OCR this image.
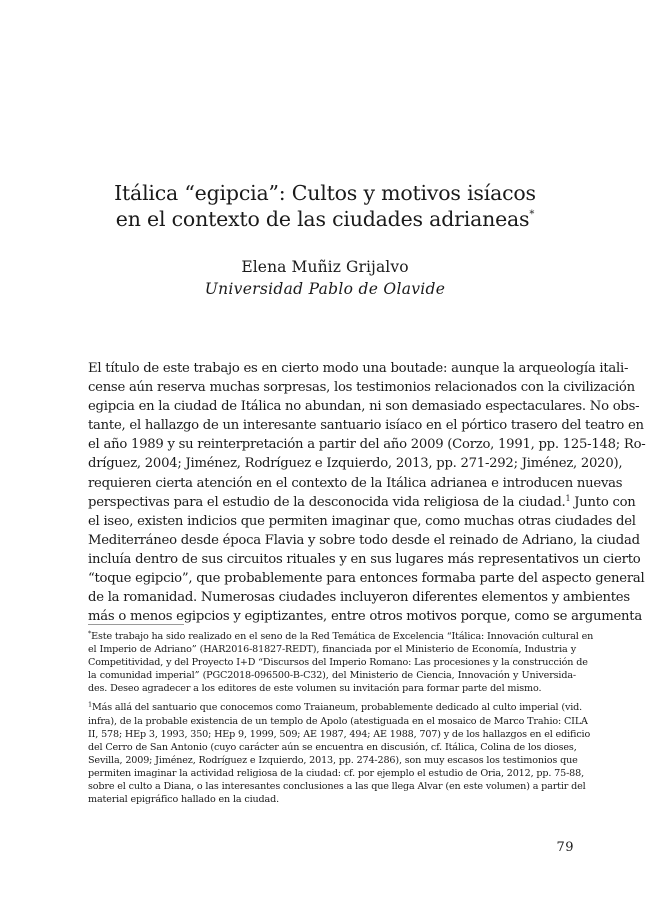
Itálica “egipcia”: Cultos y motivos isíacos
en el contexto de las ciudades adrianeas*
Elena Muñiz Grijalvo
Universidad Pablo de Olavide
El título de este trabajo es en cierto modo una boutade: aunque la arqueología itali-
cense aún reserva muchas sorpresas, los testimonios relacionados con la civilización
egipcia en la ciudad de Itálica no abundan, ni son demasiado espectaculares. No obs-
tante, el hallazgo de un interesante santuario isíaco en el pórtico trasero del teatro en
el año 1989 y su reinterpretación a partir del año 2009 (Corzo, 1991, pp. 125-148; Ro-
dríguez, 2004; Jiménez, Rodríguez e Izquierdo, 2013, pp. 271-292; Jiménez, 2020),
requieren cierta atención en el contexto de la Itálica adrianea e introducen nuevas
perspectivas para el estudio de la desconocida vida religiosa de la ciudad.$^1$ Junto con
el iseo, existen indicios que permiten imaginar que, como muchas otras ciudades del
Mediterráneo desde época Flavia y sobre todo desde el reinado de Adriano, la ciudad
incluía dentro de sus circuitos rituales y en sus lugares más representativos un cierto
“toque egipcio”, que probablemente para entonces formaba parte del aspecto general
de la romanidad. Numerosas ciudades incluyeron diferentes elementos y ambientes
más o menos egipcios y egiptizantes, entre otros motivos porque, como se argumenta
*Este trabajo ha sido realizado en el seno de la Red Temática de Excelencia “Itálica: Innovación cultural en
el Imperio de Adriano” (HAR2016-81827-REDT), financiada por el Ministerio de Economía, Industria y
Competitividad, y del Proyecto I+D “Discursos del Imperio Romano: Las procesiones y la construcción de
la comunidad imperial” (PGC2018-096500-B-C32), del Ministerio de Ciencia, Innovación y Universida-
des. Deseo agradecer a los editores de este volumen su invitación para formar parte del mismo.
$^1$Más allá del santuario que conocemos como Traianeum, probablemente dedicado al culto imperial (vid.
infra), de la probable existencia de un templo de Apolo (atestiguada en el mosaico de Marco Trahio: CILA
II, 578; HEp 3, 1993, 350; HEp 9, 1999, 509; AE 1987, 494; AE 1988, 707) y de los hallazgos en el edificio
del Cerro de San Antonio (cuyo carácter aún se encuentra en discusión, cf. Itálica, Colina de los dioses,
Sevilla, 2009; Jiménez, Rodríguez e Izquierdo, 2013, pp. 274-286), son muy escasos los testimonios que
permiten imaginar la actividad religiosa de la ciudad: cf. por ejemplo el estudio de Oria, 2012, pp. 75-88,
sobre el culto a Diana, o las interesantes conclusiones a las que llega Alvar (en este volumen) a partir del
material epigráfico hallado en la ciudad.
79
